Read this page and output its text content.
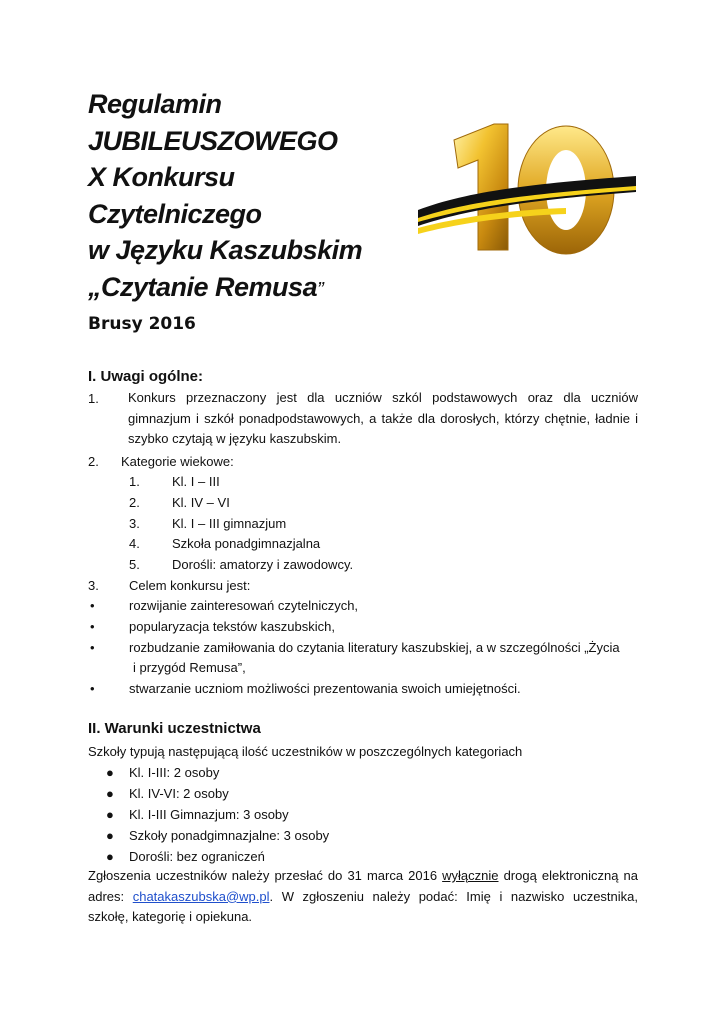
Regulamin
JUBILEUSZOWEGO
X Konkursu
Czytelniczego
w Języku Kaszubskim
„Czytanie Remusa”
Brusy 2016
I. Uwagi ogólne:
1. Konkurs przeznaczony jest dla uczniów szkól podstawowych oraz dla uczniów
gimnazjum i szkół ponadpodstawowych, a także dla dorosłych, którzy chętnie, ładnie i
szybko czytają w języku kaszubskim.
2. Kategorie wiekowe:
1. Kl. I – III
2. Kl. IV – VI
3. Kl. I – III gimnazjum
4. Szkoła ponadgimnazjalna
5. Dorośli: amatorzy i zawodowcy.
3. Celem konkursu jest:
•	rozwijanie zainteresowań czytelniczych,
•	popularyzacja tekstów kaszubskich,
•	rozbudzanie zamiłowania do czytania literatury kaszubskiej, a w szczególności „Życia
i przygód Remusa”,
•	stwarzanie uczniom możliwości prezentowania swoich umiejętności.
II. Warunki uczestnictwa
Szkoły typują następującą ilość uczestników w poszczególnych kategoriach
● Kl. I-III: 2 osoby
● Kl. IV-VI: 2 osoby
● Kl. I-III Gimnazjum: 3 osoby
● Szkoły ponadgimnazjalne: 3 osoby
● Dorośli: bez ograniczeń
Zgłoszenia uczestników należy przesłać do 31 marca 2016 wyłącznie drogą elektroniczną na
adres: chatakaszubska@wp.pl. W zgłoszeniu należy podać: Imię i nazwisko uczestnika,
szkołę, kategorię i opiekuna.
